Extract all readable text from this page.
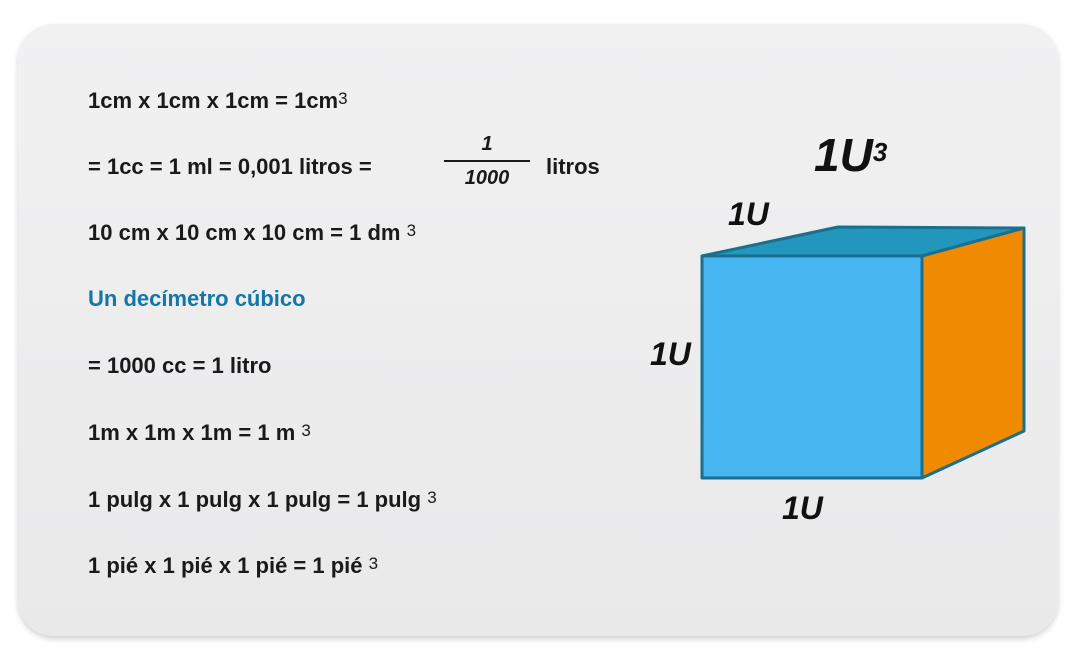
1cm x 1cm x $1cm = 1cm^3$
= 1cc = 1 ml = 0,001 litros =
1
1000	litros
10 cm x 10 cm x 10 cm = 1 dm $^3$
Un decímetro cúbico
= 1000 cc = 1 litro
1m x 1m x 1m = 1 m $^3$
1 pulg x 1 pulg x 1 pulg = 1 pulg $^3$
1 pié x 1 pié x 1 pié = 1 pié $^3$
$1U^3$
1U
1U
1U
